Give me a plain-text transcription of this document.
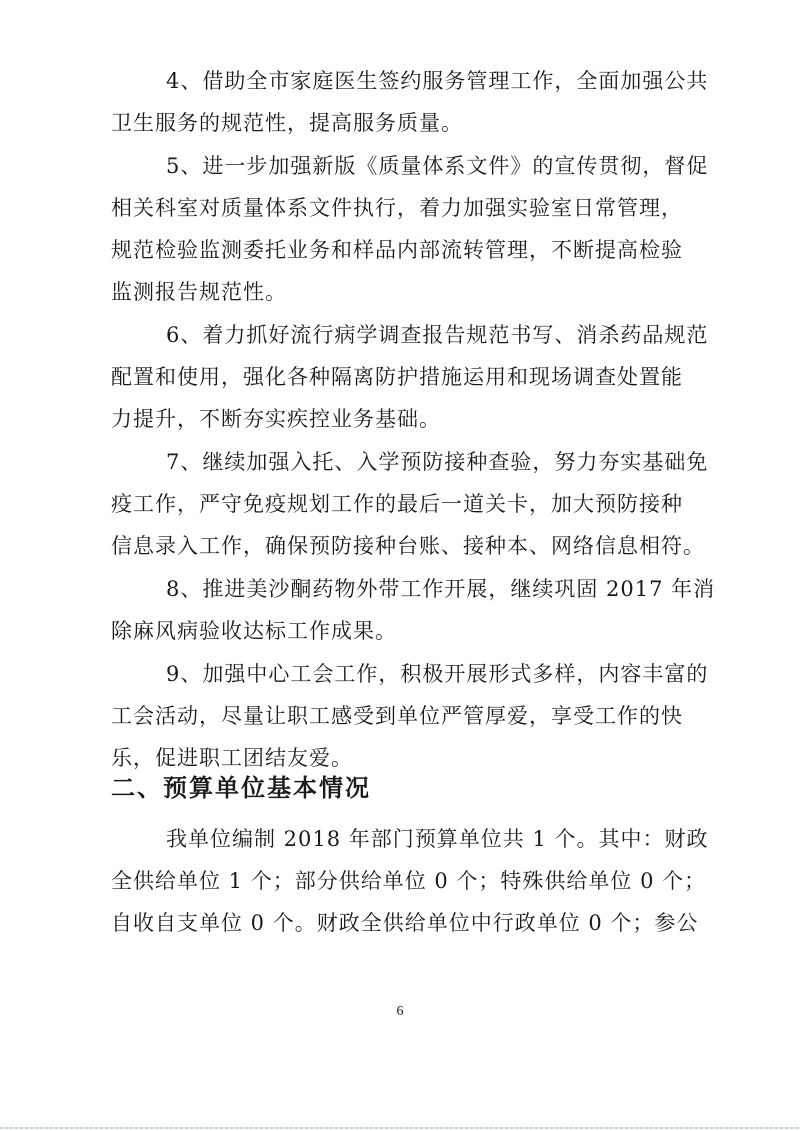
4、借助全市家庭医生签约服务管理工作，全面加强公共
卫生服务的规范性，提高服务质量。
5、进一步加强新版《质量体系文件》的宣传贯彻，督促
相关科室对质量体系文件执行，着力加强实验室日常管理，
规范检验监测委托业务和样品内部流转管理，不断提高检验
监测报告规范性。
6、着力抓好流行病学调查报告规范书写、消杀药品规范
配置和使用，强化各种隔离防护措施运用和现场调查处置能
力提升，不断夯实疾控业务基础。
7、继续加强入托、入学预防接种查验，努力夯实基础免
疫工作，严守免疫规划工作的最后一道关卡，加大预防接种
信息录入工作，确保预防接种台账、接种本、网络信息相符。
8、推进美沙酮药物外带工作开展，继续巩固 2017 年消
除麻风病验收达标工作成果。
9、加强中心工会工作，积极开展形式多样，内容丰富的
工会活动，尽量让职工感受到单位严管厚爱，享受工作的快
乐，促进职工团结友爱。
二、预算单位基本情况
我单位编制 2018 年部门预算单位共 1 个。其中：财政
全供给单位 1 个；部分供给单位 0 个；特殊供给单位 0 个；
自收自支单位 0 个。财政全供给单位中行政单位 0 个；参公
6
